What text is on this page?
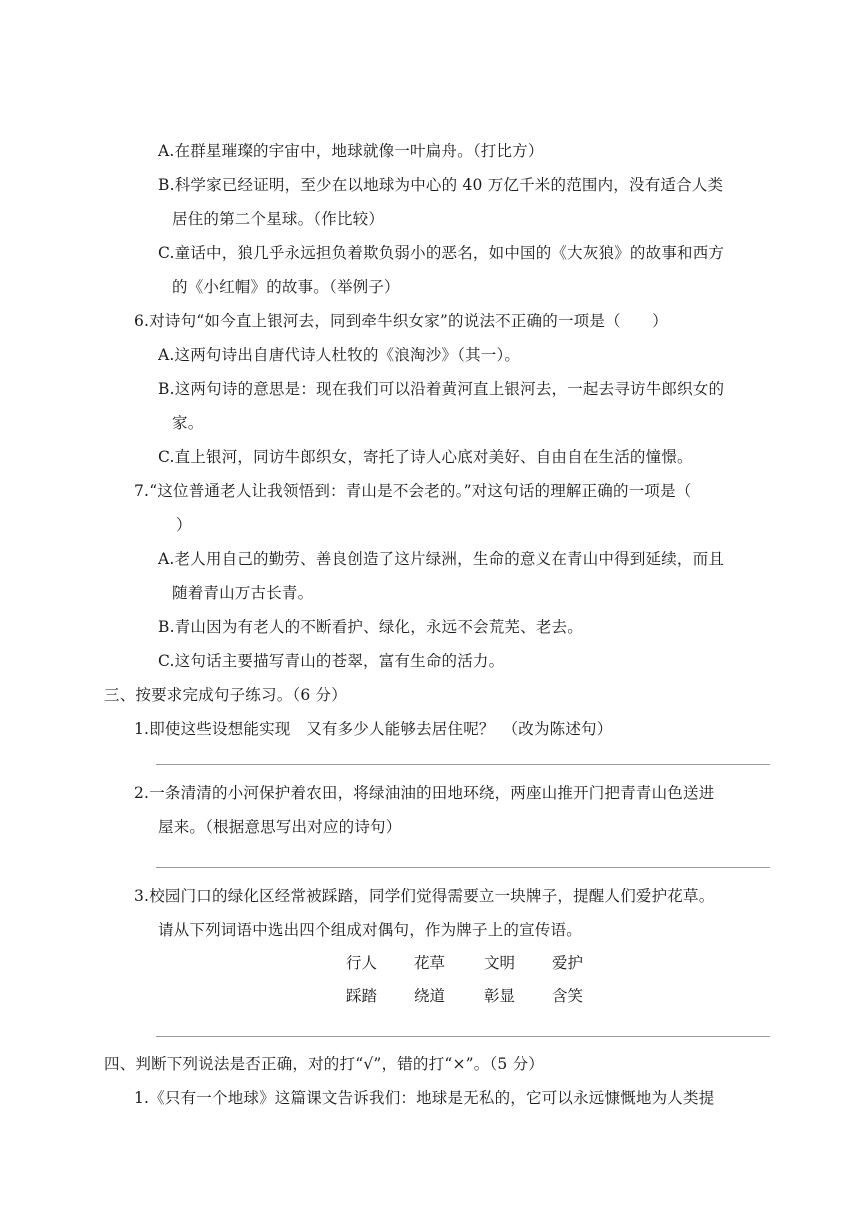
A.在群星璀璨的宇宙中，地球就像一叶扁舟。（打比方）
B.科学家已经证明，至少在以地球为中心的 40 万亿千米的范围内，没有适合人类
居住的第二个星球。（作比较）
C.童话中，狼几乎永远担负着欺负弱小的恶名，如中国的《大灰狼》的故事和西方
的《小红帽》的故事。（举例子）
6.对诗句“如今直上银河去，同到牵牛织女家”的说法不正确的一项是（　　）
A.这两句诗出自唐代诗人杜牧的《浪淘沙》（其一）。
B.这两句诗的意思是：现在我们可以沿着黄河直上银河去，一起去寻访牛郎织女的
家。
C.直上银河，同访牛郎织女，寄托了诗人心底对美好、自由自在生活的憧憬。
7.“这位普通老人让我领悟到：青山是不会老的。”对这句话的理解正确的一项是（
）
A.老人用自己的勤劳、善良创造了这片绿洲，生命的意义在青山中得到延续，而且
随着青山万古长青。
B.青山因为有老人的不断看护、绿化，永远不会荒芜、老去。
C.这句话主要描写青山的苍翠，富有生命的活力。
三、按要求完成句子练习。（6 分）
1.即使这些设想能实现　又有多少人能够去居住呢？　（改为陈述句）
2.一条清清的小河保护着农田，将绿油油的田地环绕，两座山推开门把青青山色送进
屋来。（根据意思写出对应的诗句）
3.校园门口的绿化区经常被踩踏，同学们觉得需要立一块牌子，提醒人们爱护花草。
请从下列词语中选出四个组成对偶句，作为牌子上的宣传语。
行人 花草	文明 爱护
踩踏 绕道	彰显 含笑
四、判断下列说法是否正确，对的打“√”，错的打“×”。（5 分）
1.《只有一个地球》这篇课文告诉我们：地球是无私的，它可以永远慷慨地为人类提
